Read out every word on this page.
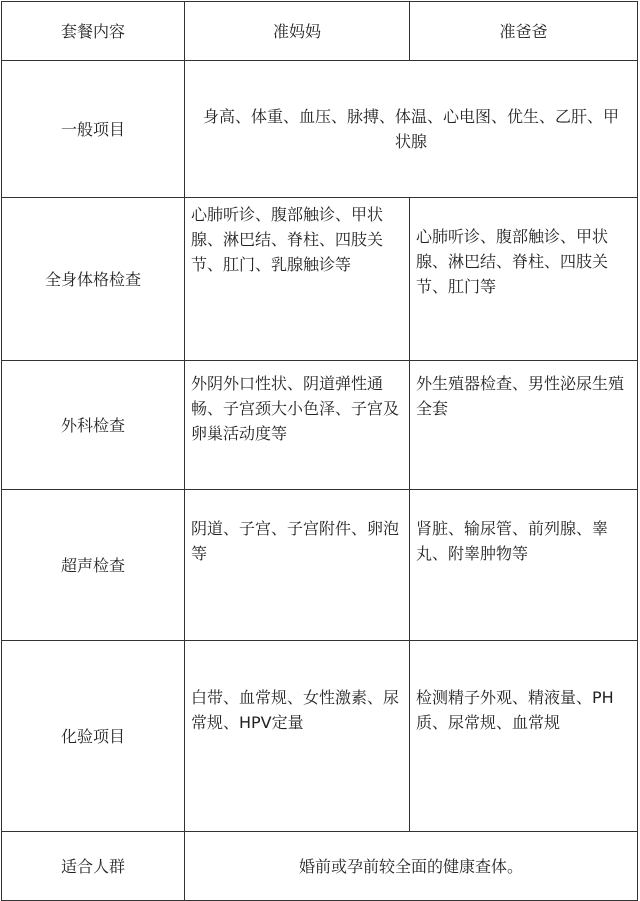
套餐内容	准妈妈	准爸爸
一般项目	身高、体重、血压、脉搏、体温、心电图、优生、乙肝、甲状腺	
全身体格检查	心肺听诊、腹部触诊、甲状腺、淋巴结、脊柱、四肢关节、肛门、乳腺触诊等	心肺听诊、腹部触诊、甲状腺、淋巴结、脊柱、四肢关节、肛门等
外科检查	外阴外口性状、阴道弹性通畅、子宫颈大小色泽、子宫及卵巢活动度等	外生殖器检查、男性泌尿生殖全套
超声检查	阴道、子宫、子宫附件、卵泡等	肾脏、输尿管、前列腺、睾丸、附睾肿物等
化验项目	白带、血常规、女性激素、尿常规、HPV定量	检测精子外观、精液量、PH质、尿常规、血常规
适合人群	婚前或孕前较全面的健康查体。	
